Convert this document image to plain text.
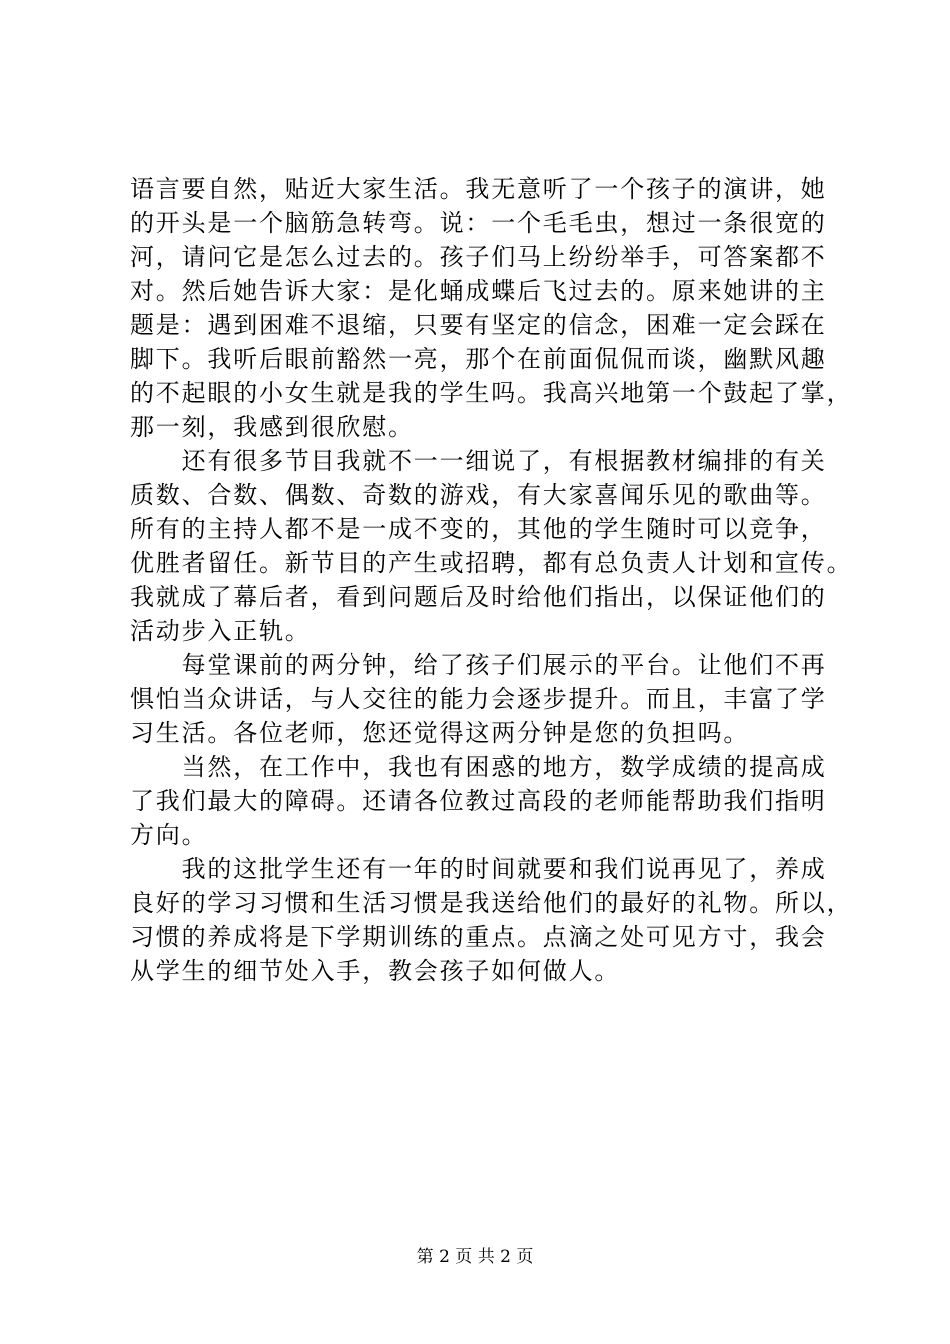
语言要自然，贴近大家生活。我无意听了一个孩子的演讲，她
的开头是一个脑筋急转弯。说：一个毛毛虫，想过一条很宽的
河，请问它是怎么过去的。孩子们马上纷纷举手，可答案都不
对。然后她告诉大家：是化蛹成蝶后飞过去的。原来她讲的主
题是：遇到困难不退缩，只要有坚定的信念，困难一定会踩在
脚下。我听后眼前豁然一亮，那个在前面侃侃而谈，幽默风趣
的不起眼的小女生就是我的学生吗。我高兴地第一个鼓起了掌，
那一刻，我感到很欣慰。
　　还有很多节目我就不一一细说了，有根据教材编排的有关
质数、合数、偶数、奇数的游戏，有大家喜闻乐见的歌曲等。
所有的主持人都不是一成不变的，其他的学生随时可以竞争，
优胜者留任。新节目的产生或招聘，都有总负责人计划和宣传。
我就成了幕后者，看到问题后及时给他们指出，以保证他们的
活动步入正轨。
　　每堂课前的两分钟，给了孩子们展示的平台。让他们不再
惧怕当众讲话，与人交往的能力会逐步提升。而且，丰富了学
习生活。各位老师，您还觉得这两分钟是您的负担吗。
　　当然，在工作中，我也有困惑的地方，数学成绩的提高成
了我们最大的障碍。还请各位教过高段的老师能帮助我们指明
方向。
　　我的这批学生还有一年的时间就要和我们说再见了，养成
良好的学习习惯和生活习惯是我送给他们的最好的礼物。所以，
习惯的养成将是下学期训练的重点。点滴之处可见方寸，我会
从学生的细节处入手，教会孩子如何做人。
第 2 页 共 2 页
